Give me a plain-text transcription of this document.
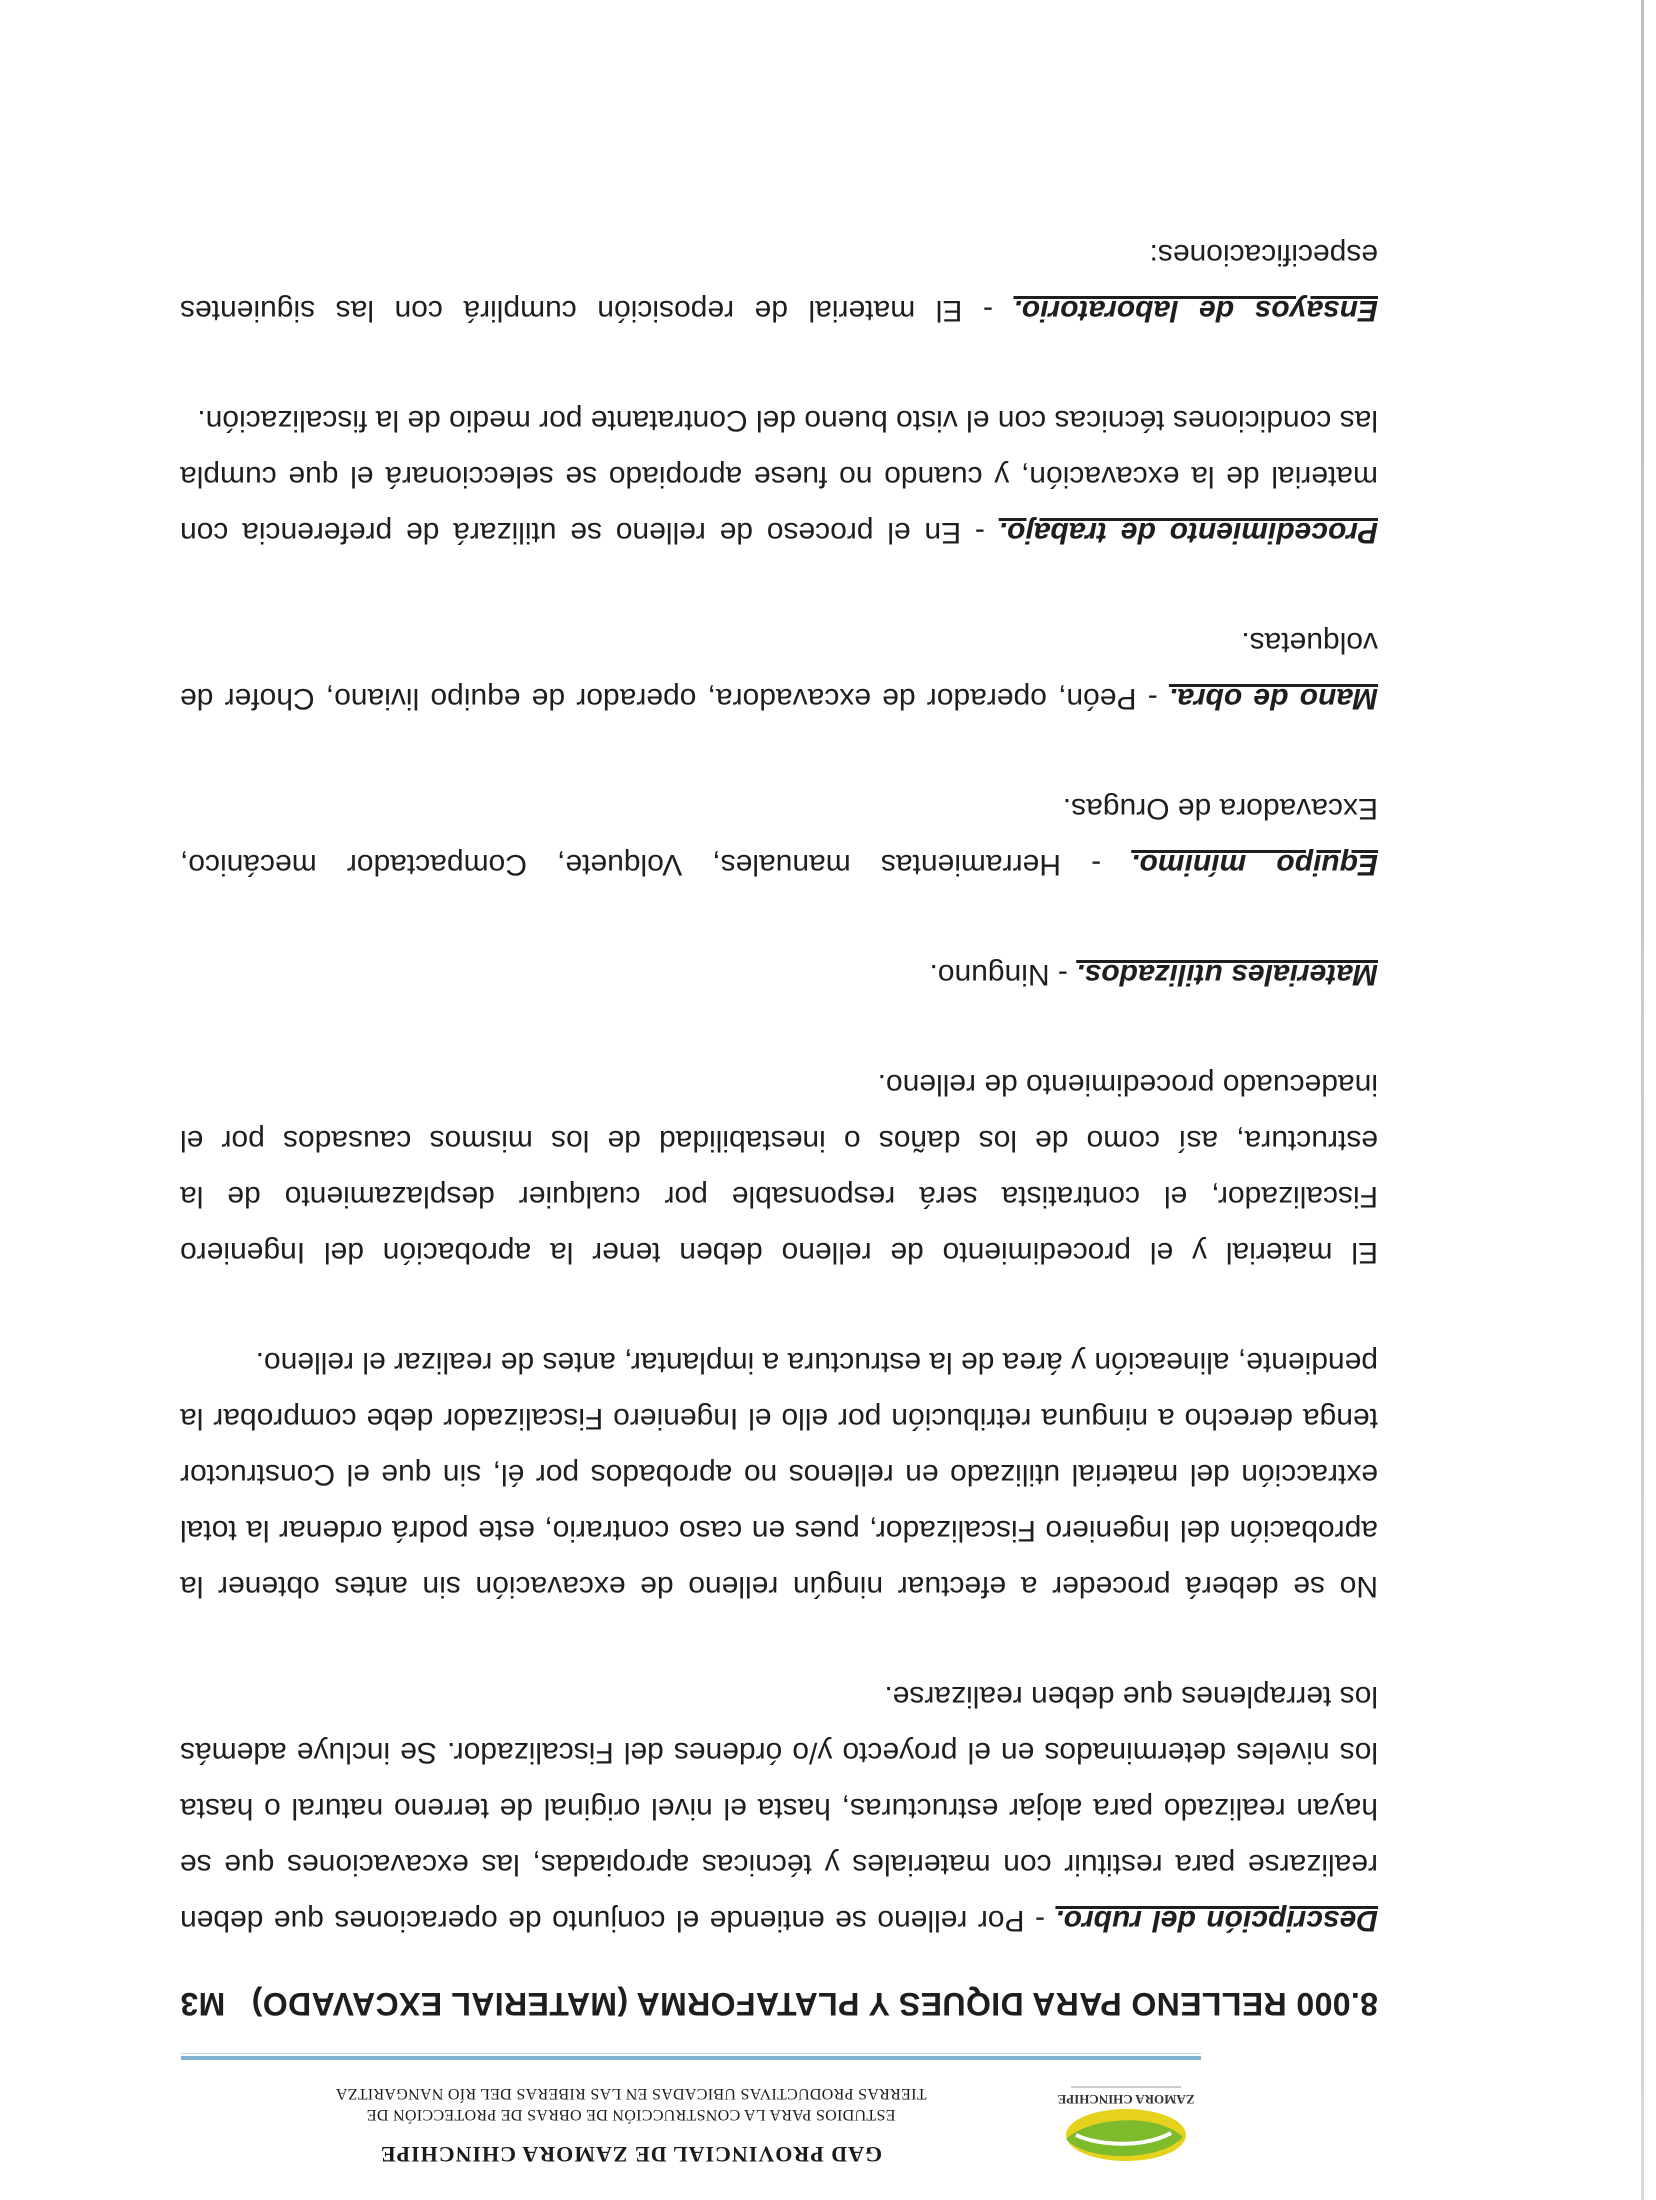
ZAMORA CHINCHIPE
GAD PROVINCIAL DE ZAMORA CHINCHIPE
ESTUDIOS PARA LA CONSTRUCCIÓN DE OBRAS DE PROTECCIÓN DE
TIERRAS PRODUCTIVAS UBICADAS EN LAS RIBERAS DEL RÍO NANGARITZA
8.000 RELLENO PARA DIQUES Y PLATAFORMA (MATERIAL EXCAVADO)
M3

Descripción del rubro. - Por relleno se entiende el conjunto de operaciones que deben realizarse para restituir con materiales y técnicas apropiadas, las excavaciones que se hayan realizado para alojar estructuras, hasta el nivel original de terreno natural o hasta los niveles determinados en el proyecto y/o órdenes del Fiscalizador. Se incluye además los terraplenes que deben realizarse.

No se deberá proceder a efectuar ningún relleno de excavación sin antes obtener la aprobación del Ingeniero Fiscalizador, pues en caso contrario, este podrá ordenar la total extracción del material utilizado en rellenos no aprobados por él, sin que el Constructor tenga derecho a ninguna retribución por ello el Ingeniero Fiscalizador debe comprobar la pendiente, alineación y área de la estructura a implantar, antes de realizar el relleno.

El material y el procedimiento de relleno deben tener la aprobación del Ingeniero Fiscalizador, el contratista será responsable por cualquier desplazamiento de la estructura, así como de los daños o inestabilidad de los mismos causados por el inadecuado procedimiento de relleno.

Materiales utilizados. - Ninguno.

Equipo mínimo. - Herramientas manuales, Volquete, Compactador mecánico, Excavadora de Orugas.

Mano de obra. - Peón, operador de excavadora, operador de equipo liviano, Chofer de volquetas.

Procedimiento de trabajo. - En el proceso de relleno se utilizará de preferencia con material de la excavación, y cuando no fuese apropiado se seleccionará el que cumpla las condiciones técnicas con el visto bueno del Contratante por medio de la fiscalización.

Ensayos de laboratorio. - El material de reposición cumplirá con las siguientes especificaciones:
